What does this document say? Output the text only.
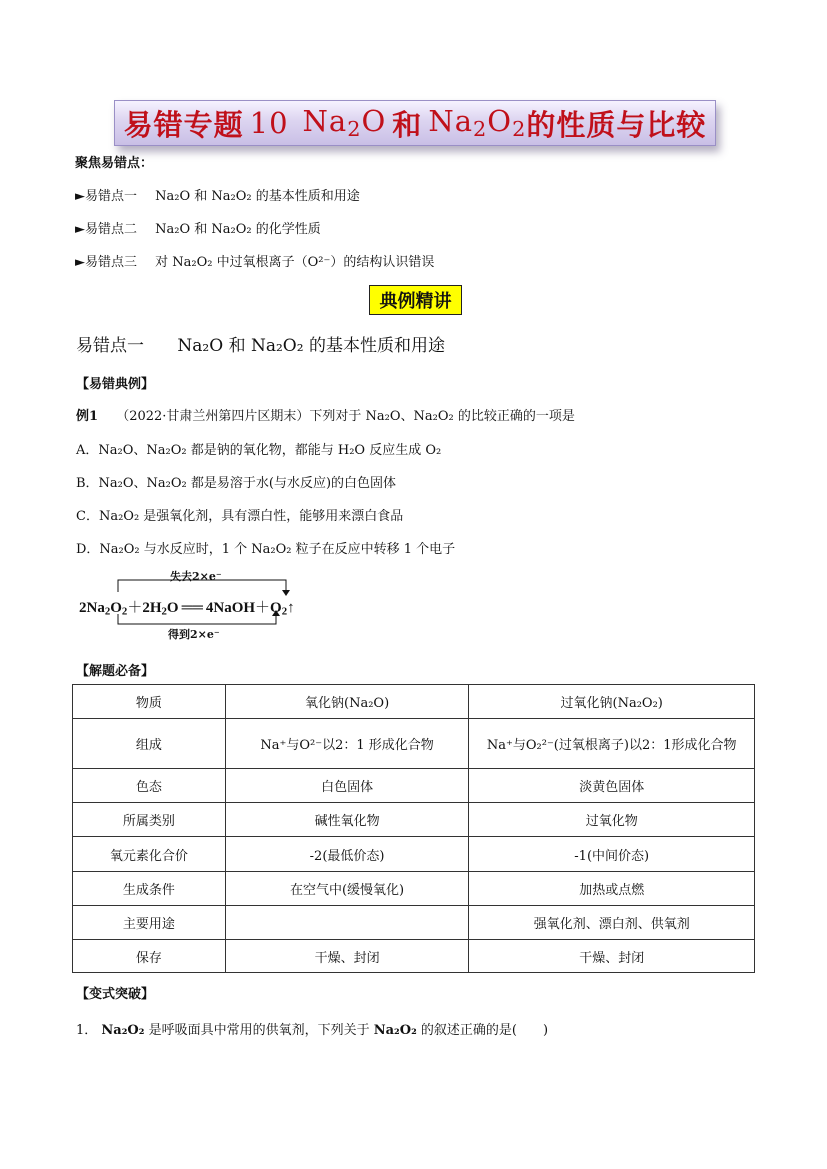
易错专题 10 $Na_2O$ 和 $Na_2O_2$ 的性质与比较
聚焦易错点：
►易错点一 Na₂O 和 Na₂O₂ 的基本性质和用途
►易错点二 Na₂O 和 Na₂O₂ 的化学性质
►易错点三 对 Na₂O₂ 中过氧根离子（O²⁻）的结构认识错误
典例精讲
易错点一 Na₂O 和 Na₂O₂ 的基本性质和用途
【易错典例】
例1 （2022·甘肃兰州第四片区期末）下列对于 Na₂O、Na₂O₂ 的比较正确的一项是
A．Na₂O、Na₂O₂ 都是钠的氧化物，都能与 H₂O 反应生成 O₂
B．Na₂O、Na₂O₂ 都是易溶于水(与水反应)的白色固体
C．Na₂O₂ 是强氧化剂，具有漂白性，能够用来漂白食品
D．Na₂O₂ 与水反应时，1 个 Na₂O₂ 粒子在反应中转移 1 个电子
失去2×e⁻
得到2×e⁻
$2Na_2O_2+2H_2O$ ══ $4NaOH+O_2↑$
【解题必备】
物质	氧化钠(Na₂O)	过氧化钠(Na₂O₂)
组成	Na⁺与O²⁻以2：1 形成化合物	Na⁺与O₂²⁻(过氧根离子)以2：1形成化合物
色态	白色固体	淡黄色固体
所属类别	碱性氧化物	过氧化物
氧元素化合价	-2(最低价态)	-1(中间价态)
生成条件	在空气中(缓慢氧化)	加热或点燃
主要用途		强氧化剂、漂白剂、供氧剂
保存	干燥、封闭	干燥、封闭
【变式突破】
1． Na₂O₂ 是呼吸面具中常用的供氧剂，下列关于 Na₂O₂ 的叙述正确的是(　　)
